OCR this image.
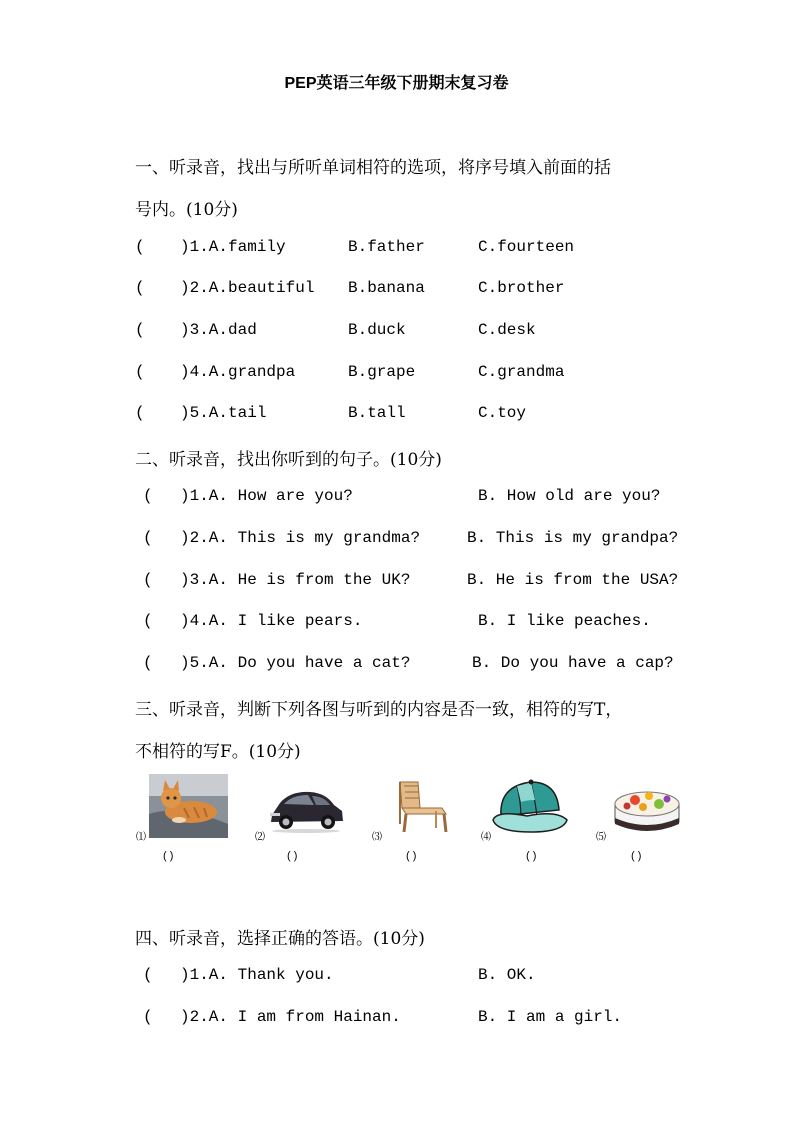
PEP英语三年级下册期末复习卷
一、听录音，找出与所听单词相符的选项，将序号填入前面的括
号内。(10分)
( )1.A.family	B.father	C.fourteen
( )2.A.beautiful B.banana	C.brother
( )3.A.dad	B.duck	C.desk
( )4.A.grandpa	B.grape	C.grandma
( )5.A.tail	B.tall	C.toy
二、听录音，找出你听到的句子。(10分)
( )1.A. How are you?	B. How old are you?
( )2.A. This is my grandma?	B. This is my grandpa?
( )3.A. He is from the UK?	B. He is from the USA?
( )4.A. I like pears.	B. I like peaches.
( )5.A. Do you have a cat?	B. Do you have a cap?
三、听录音，判断下列各图与听到的内容是否一致，相符的写T，
不相符的写F。(10分)
⑴
( )
⑵
( )
⑶
( )
⑷
( )
⑸
( )
四、听录音，选择正确的答语。(10分)
( )1.A. Thank you.	B. OK.
( )2.A. I am from Hainan.	B. I am a girl.
